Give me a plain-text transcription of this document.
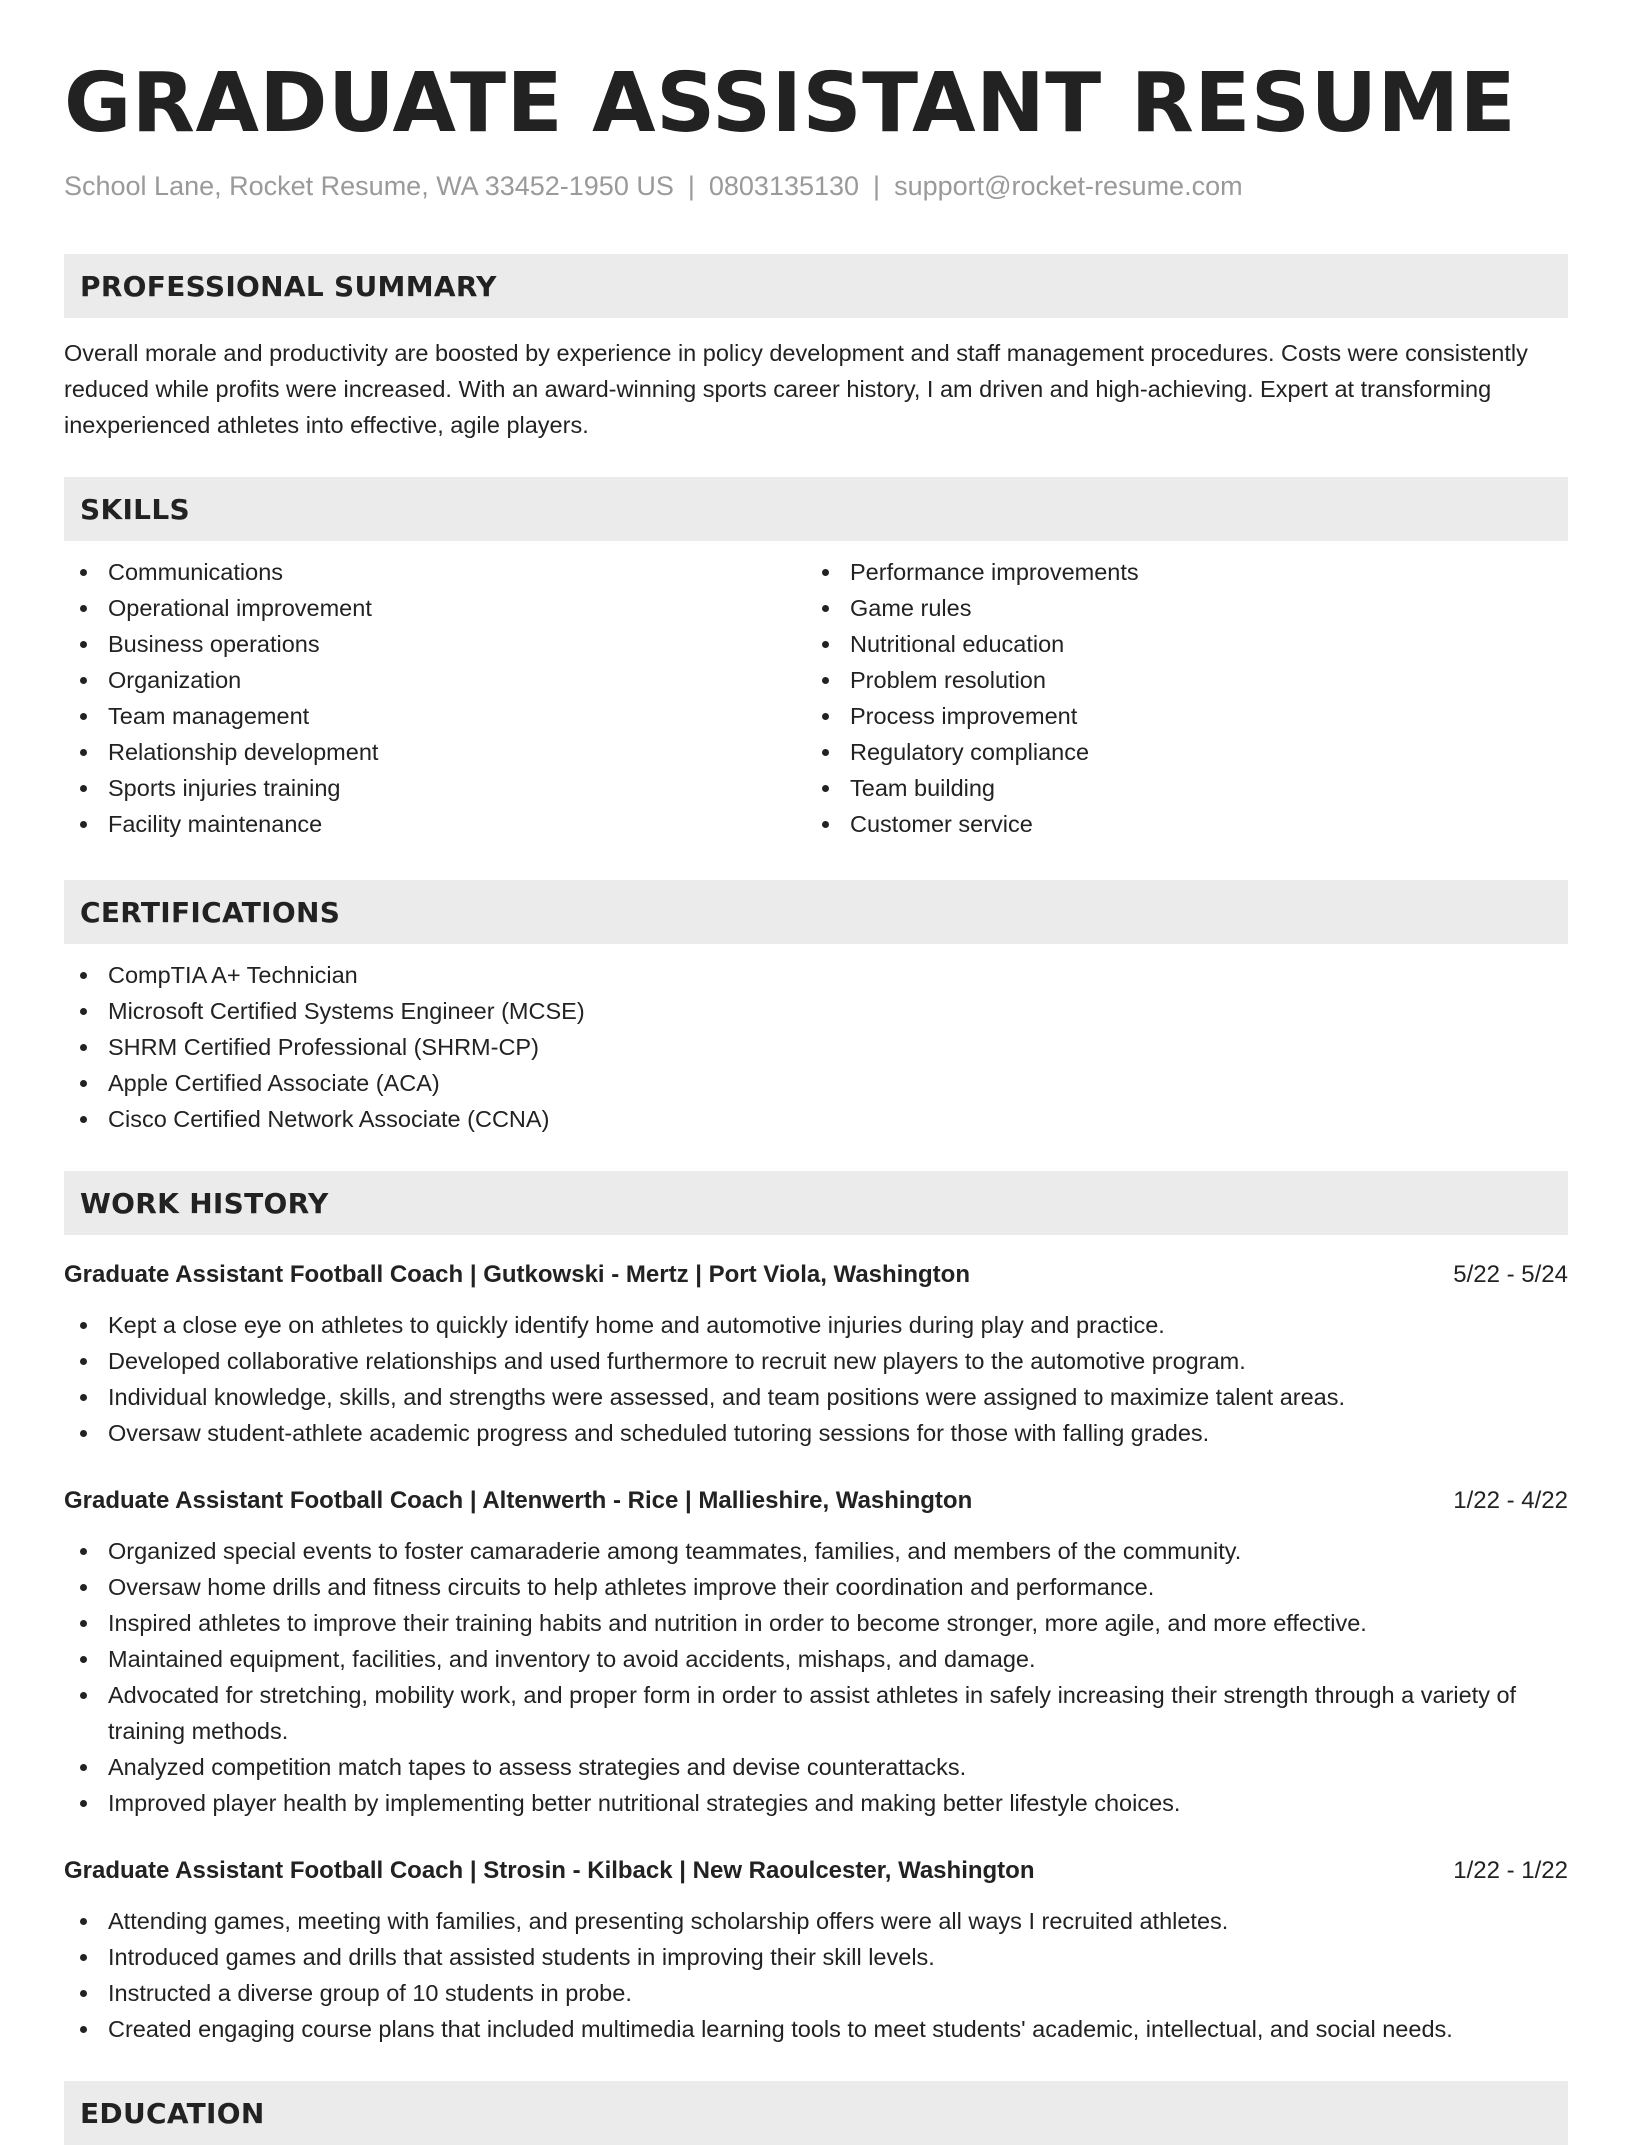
GRADUATE ASSISTANT RESUME
School Lane, Rocket Resume, WA 33452-1950 US | 0803135130 | support@rocket-resume.com
PROFESSIONAL SUMMARY
Overall morale and productivity are boosted by experience in policy development and staff management procedures. Costs were consistently reduced while profits were increased. With an award-winning sports career history, I am driven and high-achieving. Expert at transforming inexperienced athletes into effective, agile players.
SKILLS
Communications
Operational improvement
Business operations
Organization
Team management
Relationship development
Sports injuries training
Facility maintenance
Performance improvements
Game rules
Nutritional education
Problem resolution
Process improvement
Regulatory compliance
Team building
Customer service
CERTIFICATIONS
CompTIA A+ Technician
Microsoft Certified Systems Engineer (MCSE)
SHRM Certified Professional (SHRM-CP)
Apple Certified Associate (ACA)
Cisco Certified Network Associate (CCNA)
WORK HISTORY
Graduate Assistant Football Coach | Gutkowski - Mertz | Port Viola, Washington	5/22 - 5/24
Kept a close eye on athletes to quickly identify home and automotive injuries during play and practice.
Developed collaborative relationships and used furthermore to recruit new players to the automotive program.
Individual knowledge, skills, and strengths were assessed, and team positions were assigned to maximize talent areas.
Oversaw student-athlete academic progress and scheduled tutoring sessions for those with falling grades.
Graduate Assistant Football Coach | Altenwerth - Rice | Mallieshire, Washington	1/22 - 4/22
Organized special events to foster camaraderie among teammates, families, and members of the community.
Oversaw home drills and fitness circuits to help athletes improve their coordination and performance.
Inspired athletes to improve their training habits and nutrition in order to become stronger, more agile, and more effective.
Maintained equipment, facilities, and inventory to avoid accidents, mishaps, and damage.
Advocated for stretching, mobility work, and proper form in order to assist athletes in safely increasing their strength through a variety of training methods.
Analyzed competition match tapes to assess strategies and devise counterattacks.
Improved player health by implementing better nutritional strategies and making better lifestyle choices.
Graduate Assistant Football Coach | Strosin - Kilback | New Raoulcester, Washington	1/22 - 1/22
Attending games, meeting with families, and presenting scholarship offers were all ways I recruited athletes.
Introduced games and drills that assisted students in improving their skill levels.
Instructed a diverse group of 10 students in probe.
Created engaging course plans that included multimedia learning tools to meet students' academic, intellectual, and social needs.
EDUCATION
